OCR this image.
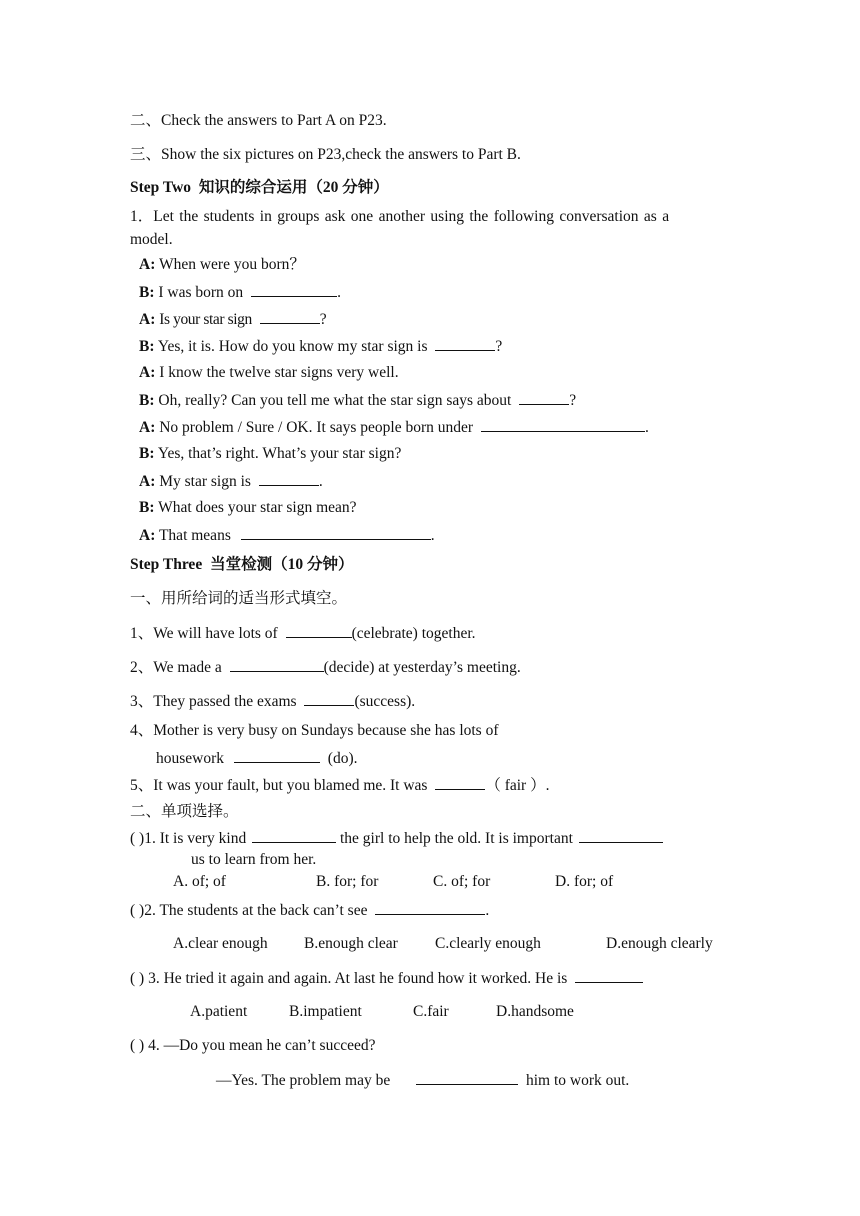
二、Check the answers to Part A on P23.
三、Show the six pictures on P23,check the answers to Part B.
Step Two 知识的综合运用（20 分钟）
1．Let the students in groups ask one another using the following conversation as a
model.
A: When were you born？
B: I was born on	.
A: Is your star sign	?
B: Yes, it is. How do you know my star sign is	?
A: I know the twelve star signs very well.
B: Oh, really? Can you tell me what the star sign says about	?
A: No problem / Sure / OK. It says people born under	.
B: Yes, that’s right. What’s your star sign?
A: My star sign is	.
B: What does your star sign mean?
A: That means	.
Step Three 当堂检测（10 分钟）
一、用所给词的适当形式填空。
1、We will have lots of	(celebrate) together.
2、We made a	(decide) at yesterday’s meeting.
3、They passed the exams	(success).
4、Mother is very busy on Sundays because she has lots of
housework	(do).
5、It was your fault, but you blamed me. It was	（ fair ）.
二、单项选择。
( )1. It is very kind	the girl to help the old. It is important
us to learn from her.
A. of; of	B. for; for	C. of; for	D. for; of
( )2. The students at the back can’t see	.
A.clear enough B.enough clear C.clearly enough	D.enough clearly
( ) 3. He tried it again and again. At last he found how it worked. He is
A.patient	B.impatient	C.fair	D.handsome
( ) 4. —Do you mean he can’t succeed?
—Yes. The problem may be	him to work out.
